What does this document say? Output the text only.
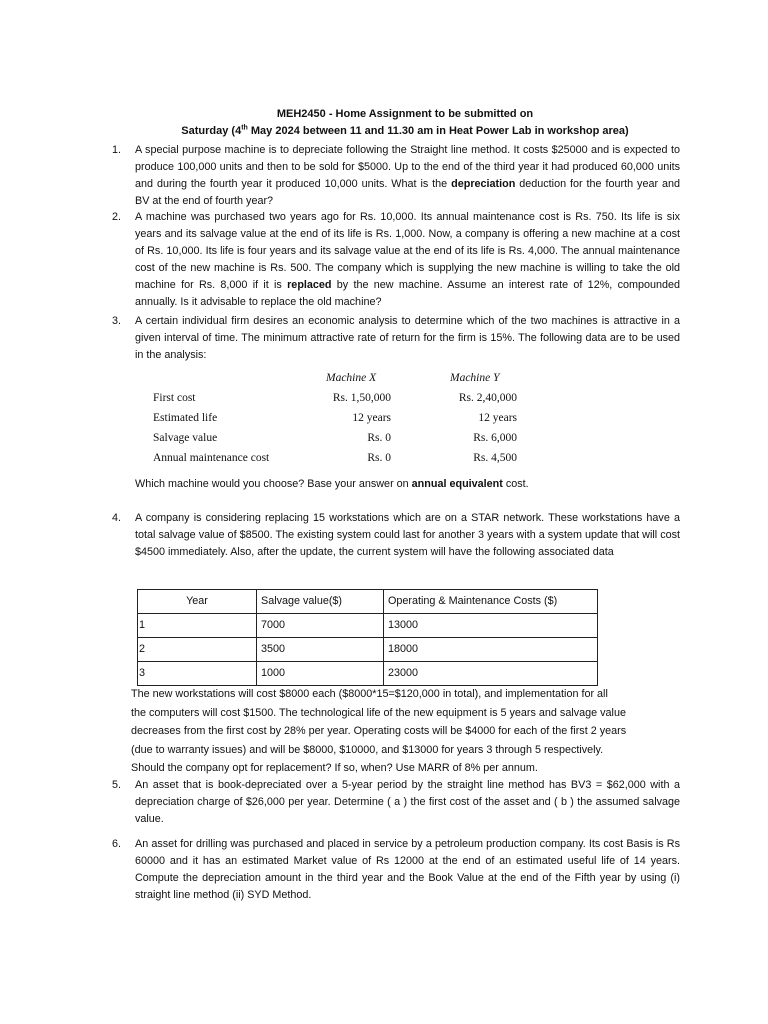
MEH2450 - Home Assignment to be submitted on
Saturday (4th May 2024 between 11 and 11.30 am in Heat Power Lab in workshop area)
1.	A special purpose machine is to depreciate following the Straight line method. It costs $25000 and is expected to produce 100,000 units and then to be sold for $5000. Up to the end of the third year it had produced 60,000 units and during the fourth year it produced 10,000 units. What is the depreciation deduction for the fourth year and BV at the end of fourth year?
2.	A machine was purchased two years ago for Rs. 10,000. Its annual maintenance cost is Rs. 750. Its life is six years and its salvage value at the end of its life is Rs. 1,000. Now, a company is offering a new machine at a cost of Rs. 10,000. Its life is four years and its salvage value at the end of its life is Rs. 4,000. The annual maintenance cost of the new machine is Rs. 500. The company which is supplying the new machine is willing to take the old machine for Rs. 8,000 if it is replaced by the new machine. Assume an interest rate of 12%, compounded annually. Is it advisable to replace the old machine?
3.	A certain individual firm desires an economic analysis to determine which of the two machines is attractive in a given interval of time. The minimum attractive rate of return for the firm is 15%. The following data are to be used in the analysis:
Machine X	Machine Y
First cost	Rs. 1,50,000	Rs. 2,40,000
Estimated life	12 years	12 years
Salvage value	Rs. 0	Rs. 6,000
Annual maintenance cost	Rs. 0	Rs. 4,500
Which machine would you choose? Base your answer on annual equivalent cost.
4.	A company is considering replacing 15 workstations which are on a STAR network. These workstations have a total salvage value of $8500. The existing system could last for another 3 years with a system update that will cost $4500 immediately. Also, after the update, the current system will have the following associated data
Year	Salvage value($)	Operating & Maintenance Costs ($)
1	7000	13000
2	3500	18000
3	1000	23000
The new workstations will cost $8000 each ($8000*15=$120,000 in total), and implementation for all
the computers will cost $1500. The technological life of the new equipment is 5 years and salvage value
decreases from the first cost by 28% per year. Operating costs will be $4000 for each of the first 2 years
(due to warranty issues) and will be $8000, $10000, and $13000 for years 3 through 5 respectively.
Should the company opt for replacement? If so, when? Use MARR of 8% per annum.
5.	An asset that is book-depreciated over a 5-year period by the straight line method has BV3 = $62,000 with a depreciation charge of $26,000 per year. Determine ( a ) the first cost of the asset and ( b ) the assumed salvage value.
6.	An asset for drilling was purchased and placed in service by a petroleum production company. Its cost Basis is Rs 60000 and it has an estimated Market value of Rs 12000 at the end of an estimated useful life of 14 years. Compute the depreciation amount in the third year and the Book Value at the end of the Fifth year by using (i) straight line method (ii) SYD Method.
